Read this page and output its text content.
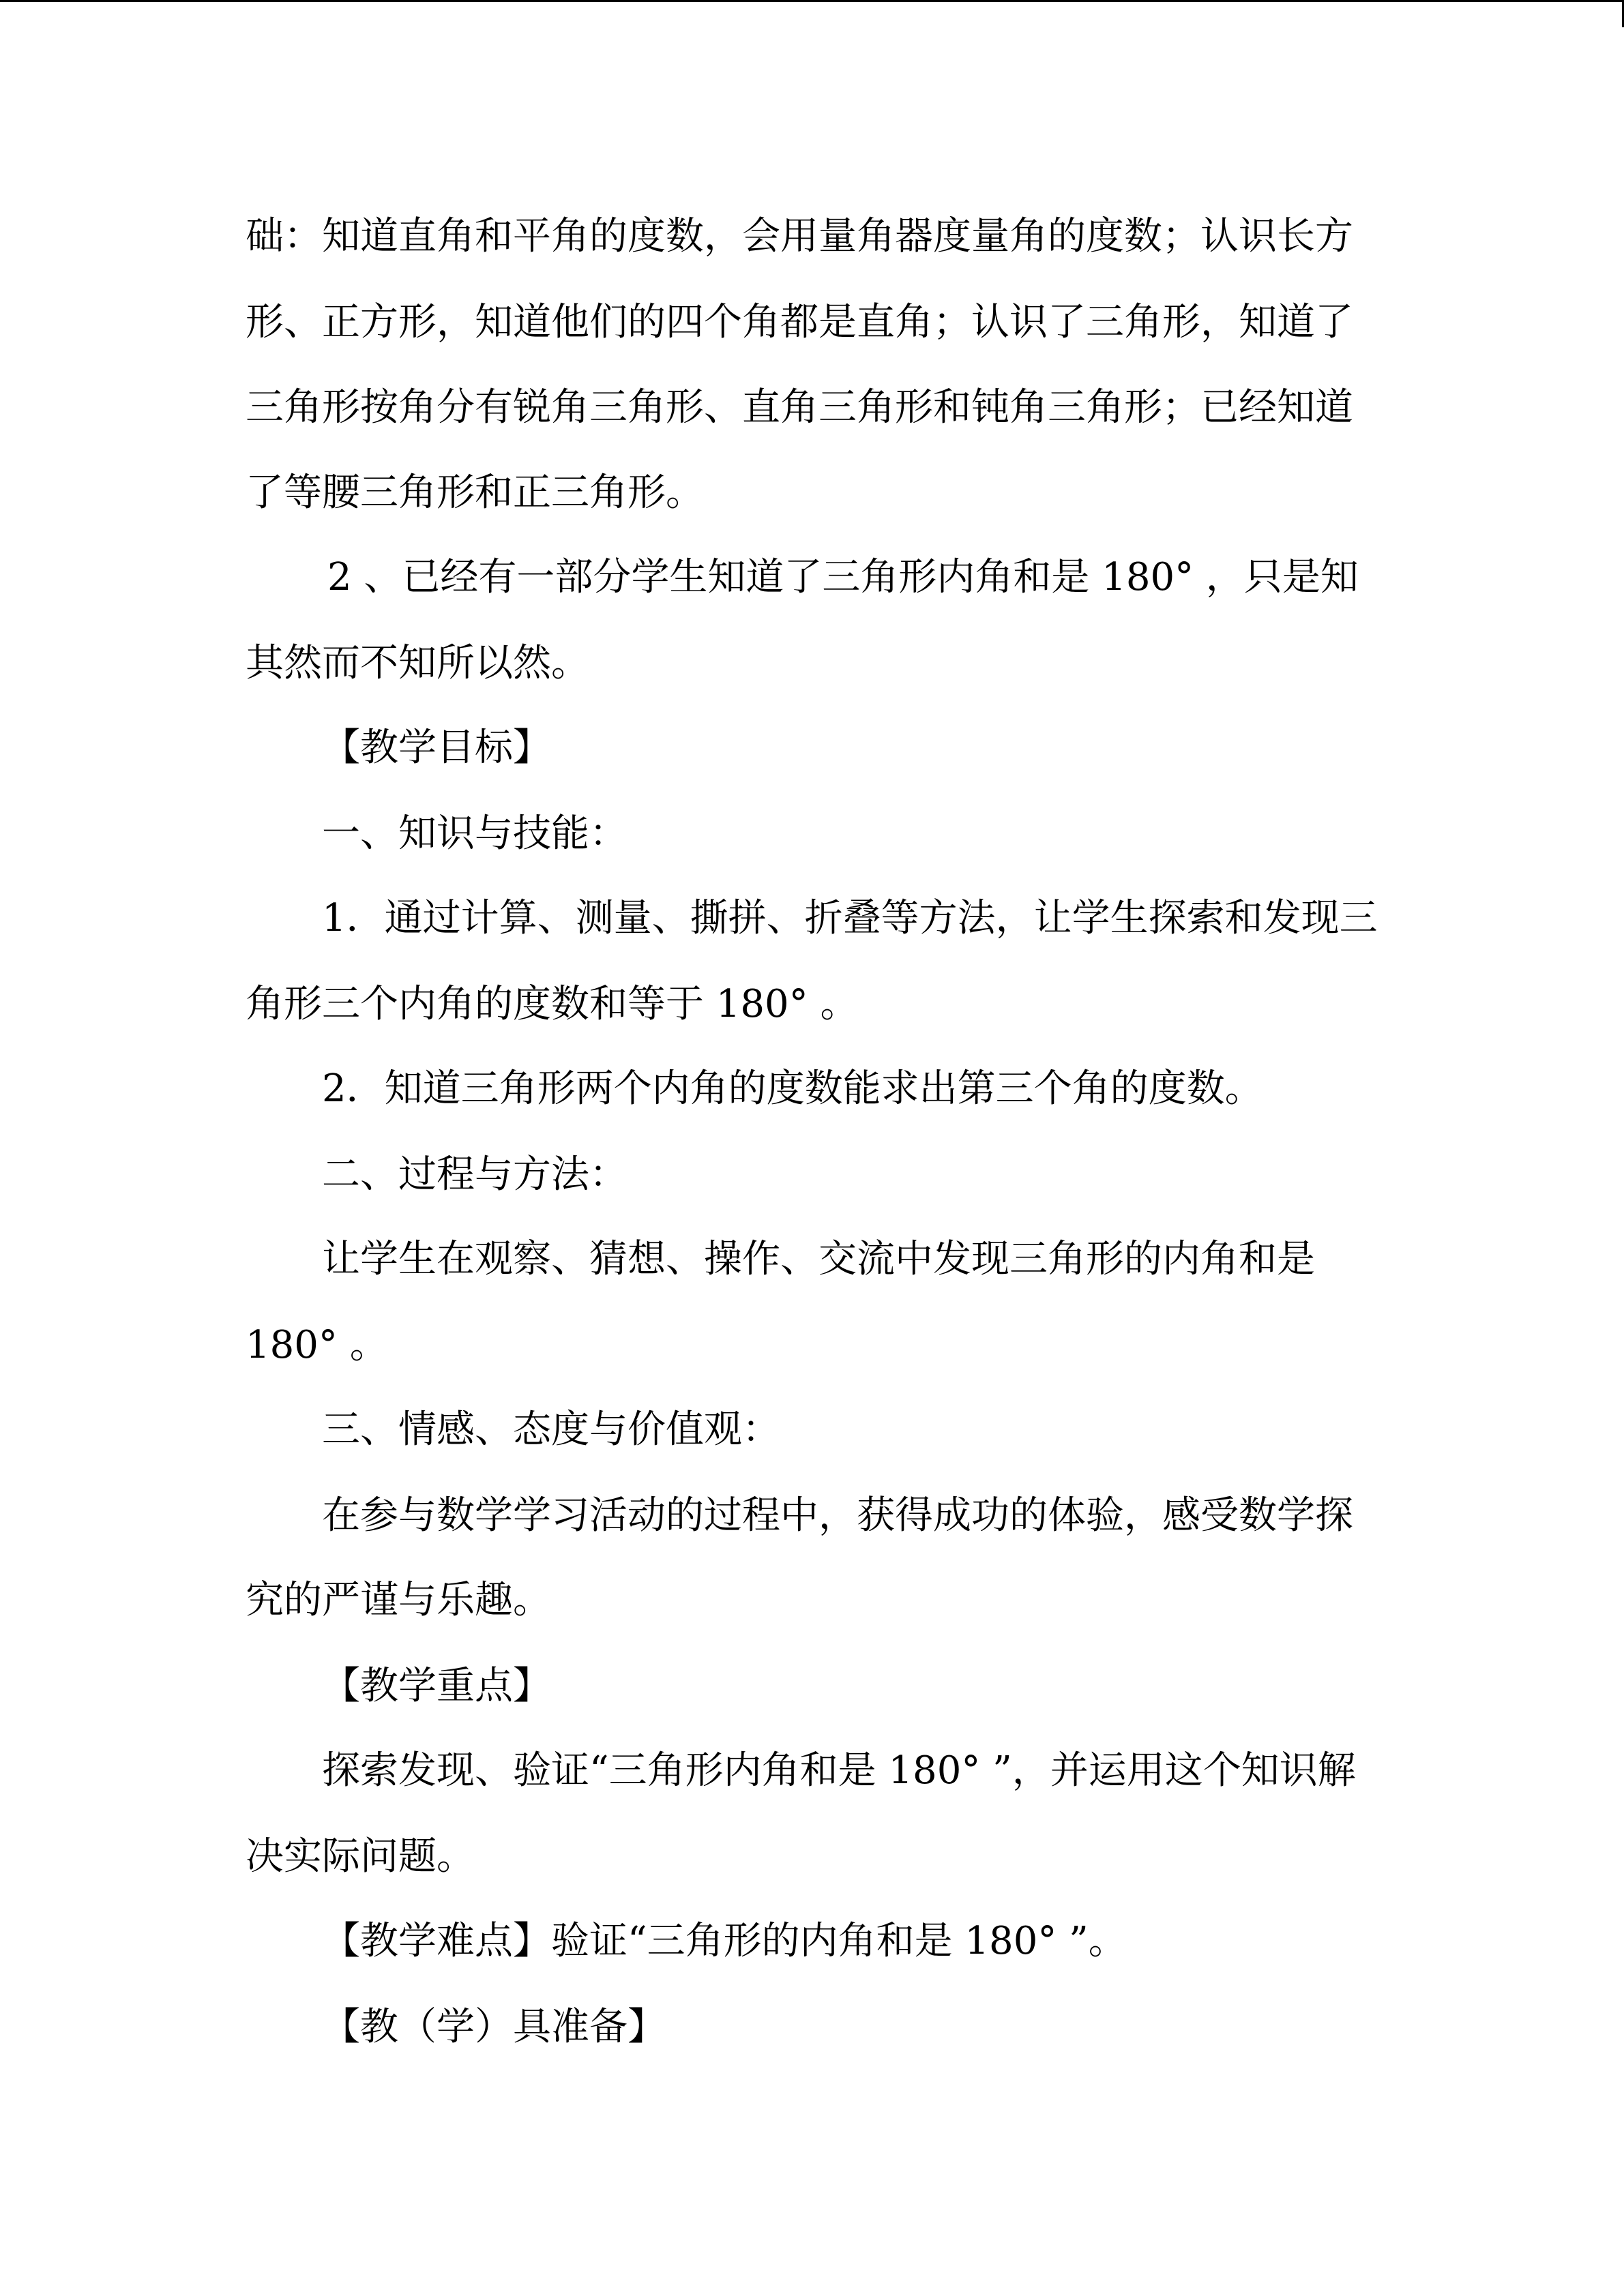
础：知道直角和平角的度数，会用量角器度量角的度数；认识长方
形、正方形，知道他们的四个角都是直角；认识了三角形，知道了
三角形按角分有锐角三角形、直角三角形和钝角三角形；已经知道
了等腰三角形和正三角形。
2 、已经有一部分学生知道了三角形内角和是 180° ，只是知
其然而不知所以然。
【教学目标】
一、知识与技能：
1．通过计算、测量、撕拼、折叠等方法，让学生探索和发现三
角形三个内角的度数和等于 180° 。
2．知道三角形两个内角的度数能求出第三个角的度数。
二、过程与方法：
让学生在观察、猜想、操作、交流中发现三角形的内角和是
180° 。
三、情感、态度与价值观：
在参与数学学习活动的过程中，获得成功的体验，感受数学探
究的严谨与乐趣。
【教学重点】
探索发现、验证“三角形内角和是 180° ”，并运用这个知识解
决实际问题。
【教学难点】验证“三角形的内角和是 180° ”。
【教（学）具准备】
